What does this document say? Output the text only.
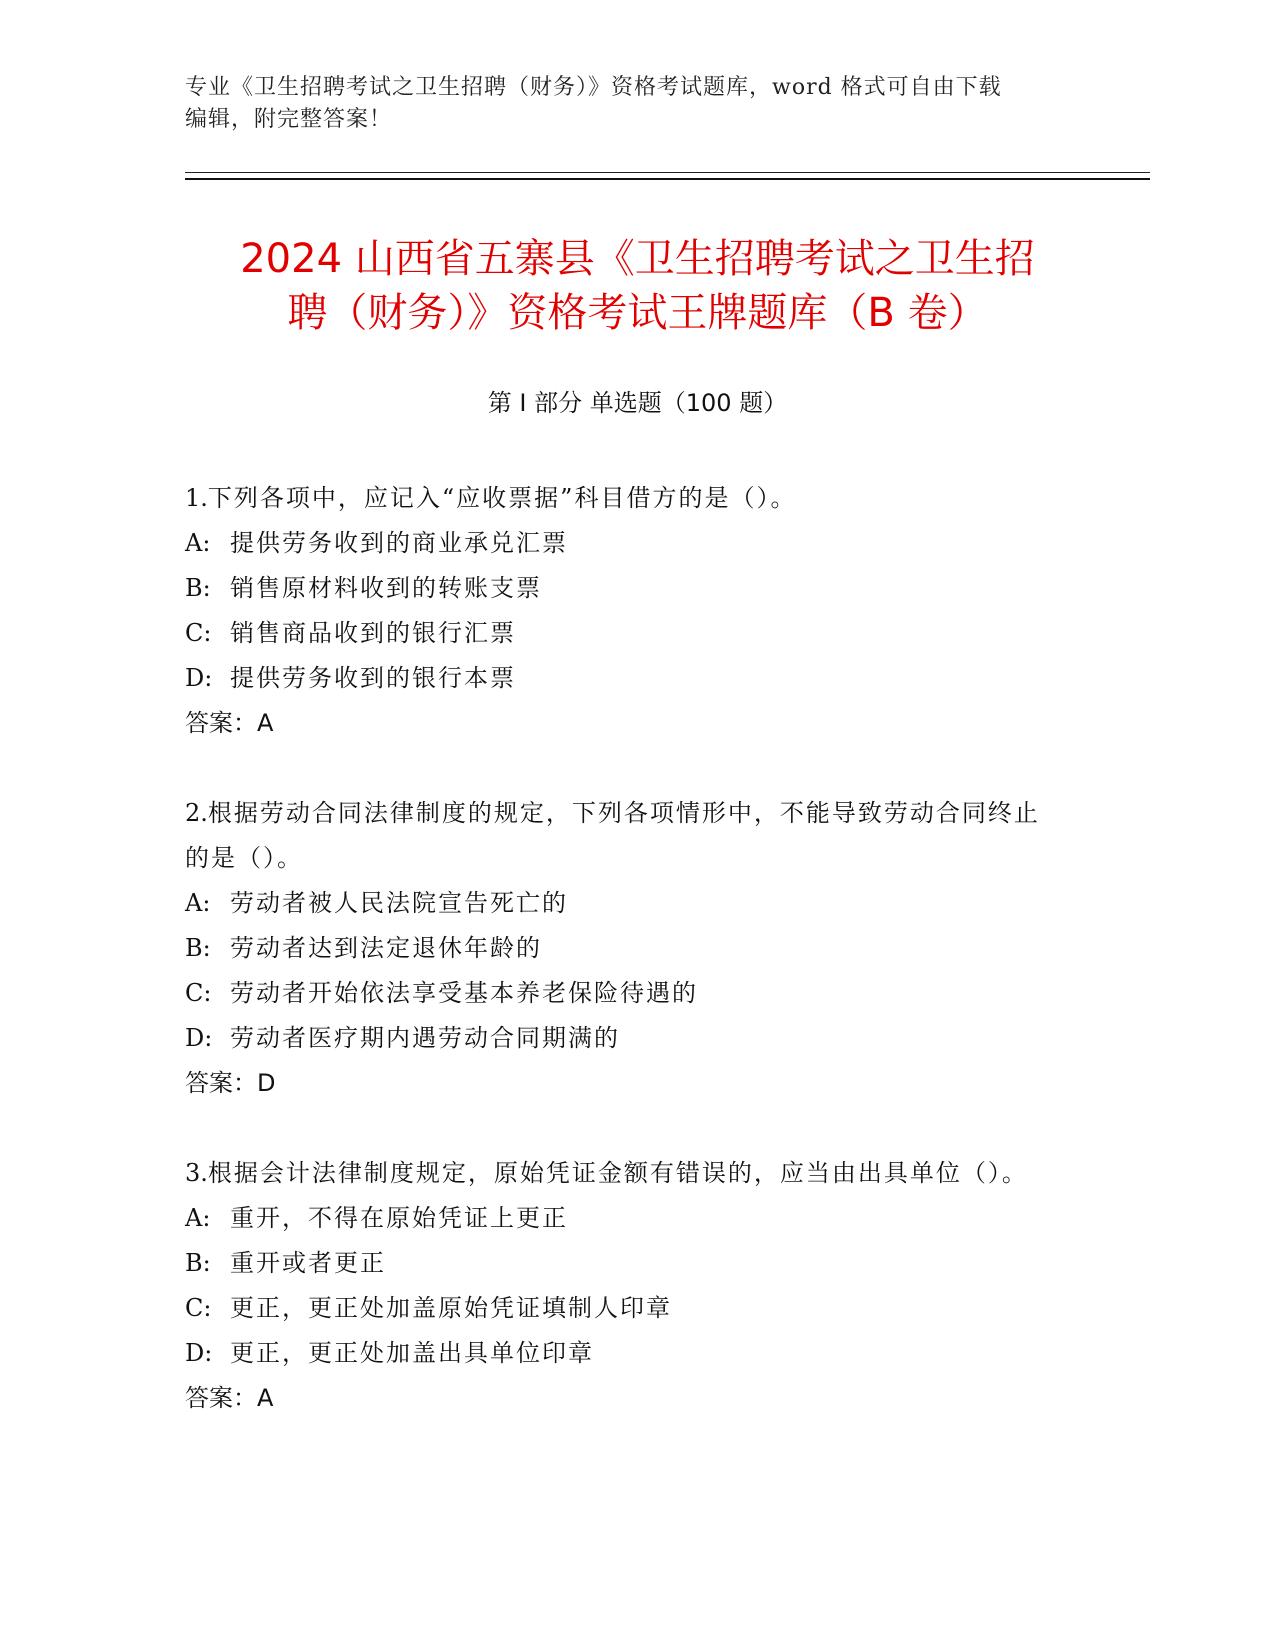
专业《卫生招聘考试之卫生招聘（财务）》资格考试题库，word 格式可自由下载
编辑，附完整答案！
2024 山西省五寨县《卫生招聘考试之卫生招
聘（财务）》资格考试王牌题库（B 卷）
第 I 部分 单选题（100 题）

1.下列各项中，应记入“应收票据”科目借方的是（）。

A: 提供劳务收到的商业承兑汇票

B: 销售原材料收到的转账支票

C: 销售商品收到的银行汇票

D: 提供劳务收到的银行本票

答案：A

2.根据劳动合同法律制度的规定，下列各项情形中，不能导致劳动合同终止的是（）。

A: 劳动者被人民法院宣告死亡的

B: 劳动者达到法定退休年龄的

C: 劳动者开始依法享受基本养老保险待遇的

D: 劳动者医疗期内遇劳动合同期满的

答案：D

3.根据会计法律制度规定，原始凭证金额有错误的，应当由出具单位（）。

A: 重开，不得在原始凭证上更正

B: 重开或者更正

C: 更正，更正处加盖原始凭证填制人印章

D: 更正，更正处加盖出具单位印章

答案：A
